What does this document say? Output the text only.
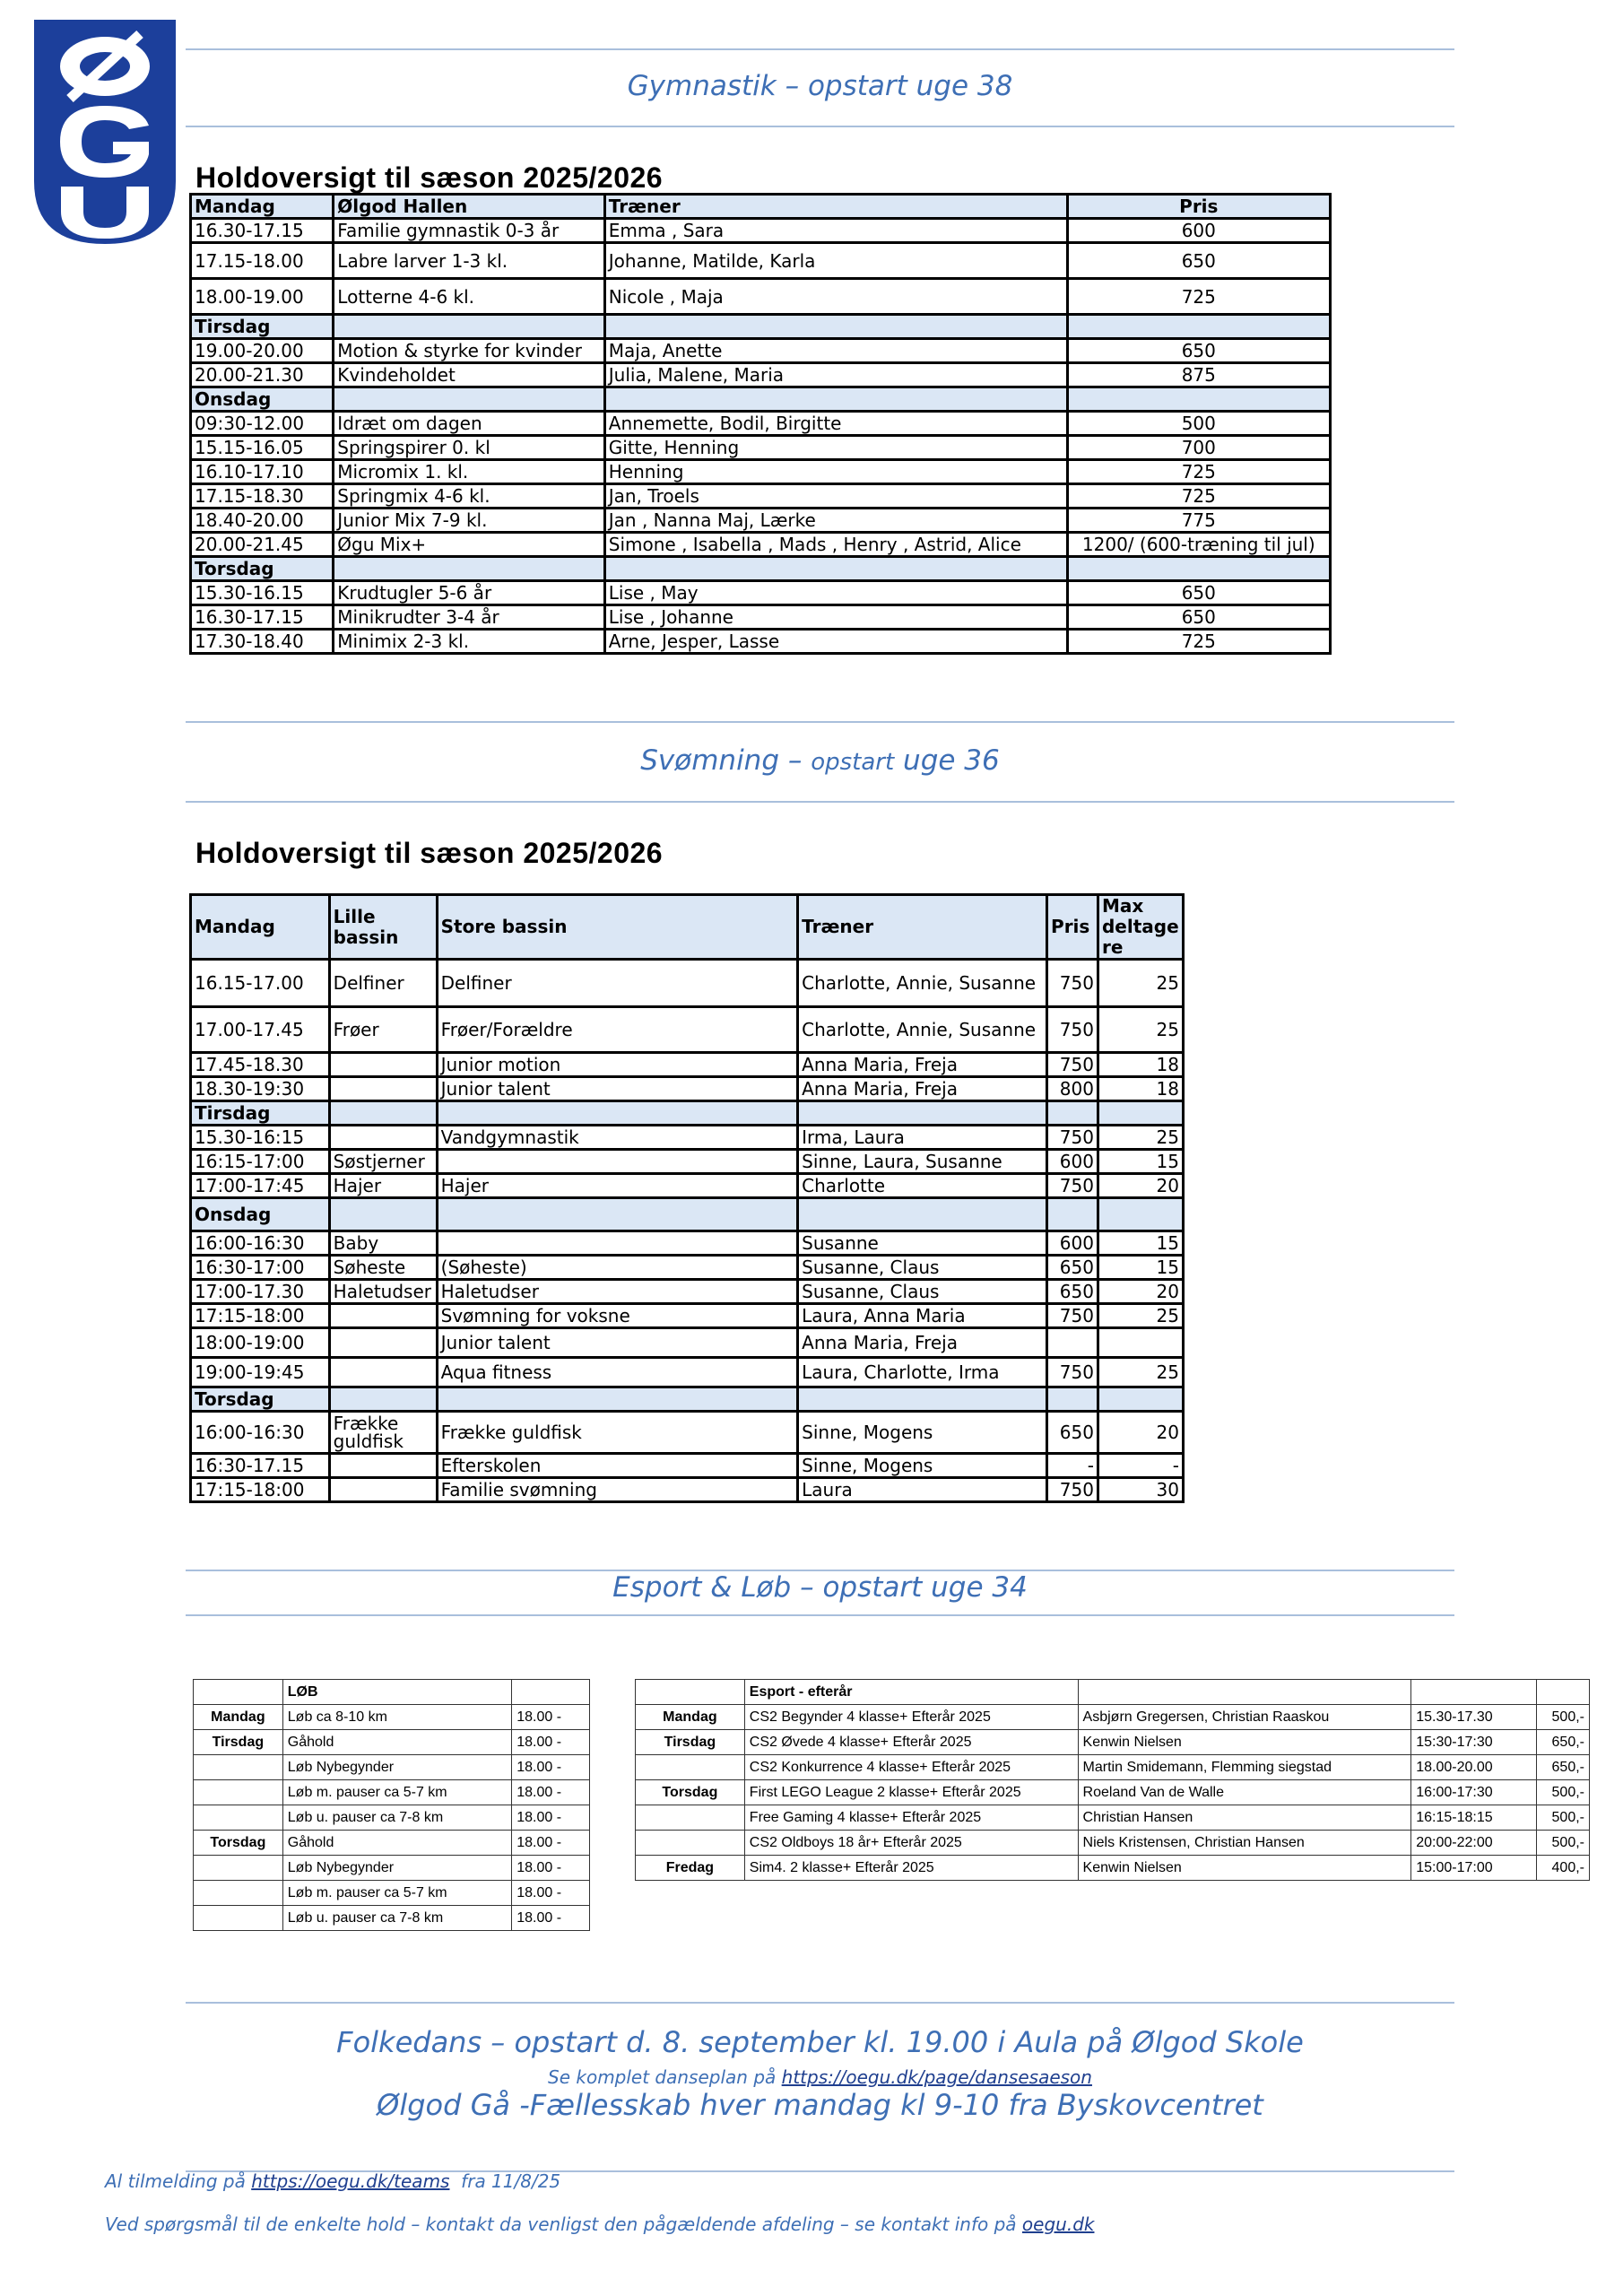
Gymnastik – opstart uge 38
Holdoversigt til sæson 2025/2026
Mandag	Ølgod Hallen	Træner	Pris
16.30-17.15	Familie gymnastik 0-3 år	Emma , Sara	600
17.15-18.00	Labre larver 1-3 kl.	Johanne, Matilde, Karla	650
18.00-19.00	Lotterne 4-6 kl.	Nicole , Maja	725
Tirsdag			
19.00-20.00	Motion & styrke for kvinder	Maja, Anette	650
20.00-21.30	Kvindeholdet	Julia, Malene, Maria	875
Onsdag			
09:30-12.00	Idræt om dagen	Annemette, Bodil, Birgitte	500
15.15-16.05	Springspirer 0. kl	Gitte, Henning	700
16.10-17.10	Micromix 1. kl.	Henning	725
17.15-18.30	Springmix 4-6 kl.	Jan, Troels	725
18.40-20.00	Junior Mix 7-9 kl.	Jan , Nanna Maj, Lærke	775
20.00-21.45	Øgu Mix+	Simone , Isabella , Mads , Henry , Astrid, Alice	1200/ (600-træning til jul)
Torsdag			
15.30-16.15	Krudtugler 5-6 år	Lise , May	650
16.30-17.15	Minikrudter 3-4 år	Lise , Johanne	650
17.30-18.40	Minimix 2-3 kl.	Arne, Jesper, Lasse	725
Svømning – opstart uge 36
Holdoversigt til sæson 2025/2026
Mandag	Lille bassin	Store bassin	Træner	Pris	Max deltage re
16.15-17.00	Delfiner	Delfiner	Charlotte, Annie, Susanne	750	25
17.00-17.45	Frøer	Frøer/Forældre	Charlotte, Annie, Susanne	750	25
17.45-18.30		Junior motion	Anna Maria, Freja	750	18
18.30-19:30		Junior talent	Anna Maria, Freja	800	18
Tirsdag					
15.30-16:15		Vandgymnastik	Irma, Laura	750	25
16:15-17:00	Søstjerner		Sinne, Laura, Susanne	600	15
17:00-17:45	Hajer	Hajer	Charlotte	750	20
Onsdag					
16:00-16:30	Baby		Susanne	600	15
16:30-17:00	Søheste	(Søheste)	Susanne, Claus	650	15
17:00-17.30	Haletudser	Haletudser	Susanne, Claus	650	20
17:15-18:00		Svømning for voksne	Laura, Anna Maria	750	25
18:00-19:00		Junior talent	Anna Maria, Freja		
19:00-19:45		Aqua fitness	Laura, Charlotte, Irma	750	25
Torsdag					
16:00-16:30	Frække guldfisk	Frække guldfisk	Sinne, Mogens	650	20
16:30-17.15		Efterskolen	Sinne, Mogens	-	-
17:15-18:00		Familie svømning	Laura	750	30
Esport & Løb – opstart uge 34
	LØB	
Mandag	Løb ca 8-10 km	18.00 -
Tirsdag	Gåhold	18.00 -
	Løb Nybegynder	18.00 -
	Løb m. pauser ca 5-7 km	18.00 -
	Løb u. pauser ca 7-8 km	18.00 -
Torsdag	Gåhold	18.00 -
	Løb Nybegynder	18.00 -
	Løb m. pauser ca 5-7 km	18.00 -
	Løb u. pauser ca 7-8 km	18.00 -
	Esport - efterår			
Mandag	CS2 Begynder 4 klasse+ Efterår 2025	Asbjørn Gregersen, Christian Raaskou	15.30-17.30	500,-
Tirsdag	CS2 Øvede 4 klasse+ Efterår 2025	Kenwin Nielsen	15:30-17:30	650,-
	CS2 Konkurrence 4 klasse+ Efterår 2025	Martin Smidemann, Flemming siegstad	18.00-20.00	650,-
Torsdag	First LEGO League 2 klasse+ Efterår 2025	Roeland Van de Walle	16:00-17:30	500,-
	Free Gaming 4 klasse+ Efterår 2025	Christian Hansen	16:15-18:15	500,-
	CS2 Oldboys 18 år+ Efterår 2025	Niels Kristensen, Christian Hansen	20:00-22:00	500,-
Fredag	Sim4. 2 klasse+ Efterår 2025	Kenwin Nielsen	15:00-17:00	400,-
Folkedans – opstart d. 8. september kl. 19.00 i Aula på Ølgod Skole
Se komplet danseplan på https://oegu.dk/page/dansesaeson
Ølgod Gå -Fællesskab hver mandag kl 9-10 fra Byskovcentret
Al tilmelding på https://oegu.dk/teams  fra 11/8/25
Ved spørgsmål til de enkelte hold – kontakt da venligst den pågældende afdeling – se kontakt info på oegu.dk
